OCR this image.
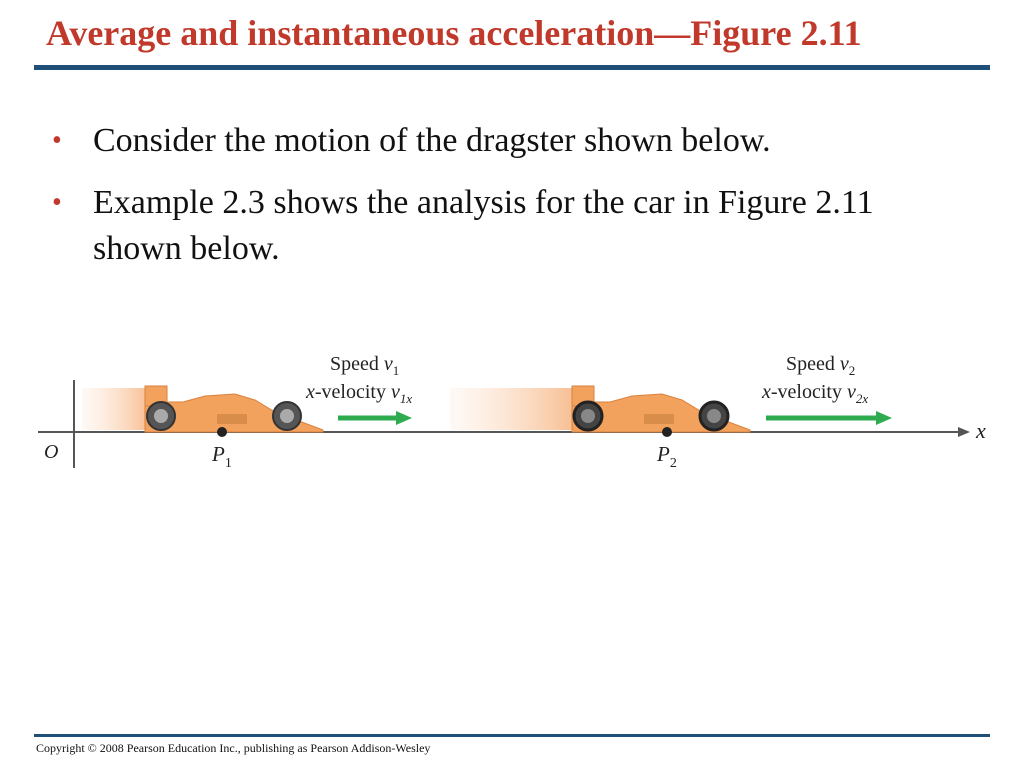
Average and instantaneous acceleration—Figure 2.11
• Consider the motion of the dragster shown below.
• Example 2.3 shows the analysis for the car in Figure 2.11 shown below.
O
x
$P_1$	$P_2$
Speed $v_1$
x-velocity $v_{1x}$
Speed $v_2$
x-velocity $v_{2x}$
Copyright © 2008 Pearson Education Inc., publishing as Pearson Addison-Wesley
